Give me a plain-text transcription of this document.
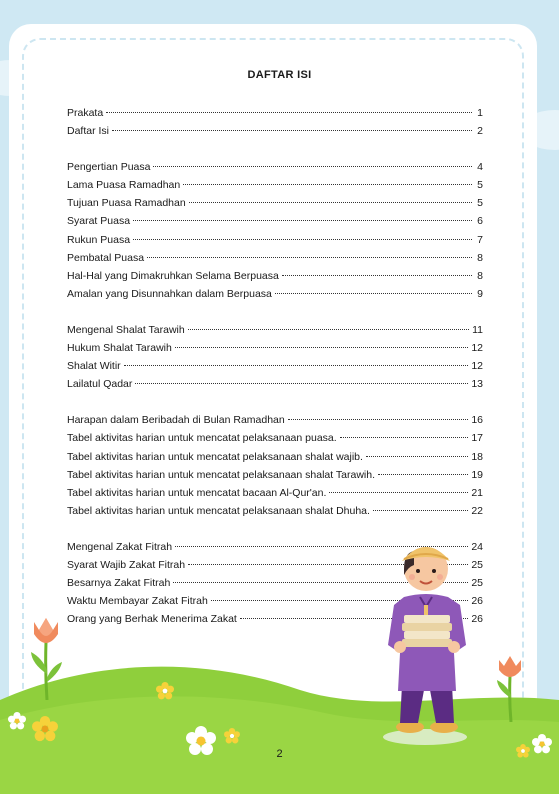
DAFTAR ISI
Prakata	1
Daftar Isi	2
Pengertian Puasa	4
Lama Puasa Ramadhan	5
Tujuan Puasa Ramadhan	5
Syarat Puasa	6
Rukun Puasa	7
Pembatal Puasa	8
Hal-Hal yang Dimakruhkan Selama Berpuasa	8
Amalan yang Disunnahkan dalam Berpuasa	9
Mengenal Shalat Tarawih	11
Hukum Shalat Tarawih	12
Shalat Witir	12
Lailatul Qadar	13
Harapan dalam Beribadah di Bulan Ramadhan	16
Tabel aktivitas harian untuk mencatat pelaksanaan puasa.	17
Tabel aktivitas harian untuk mencatat pelaksanaan shalat wajib.	18
Tabel aktivitas harian untuk mencatat pelaksanaan shalat Tarawih.	19
Tabel aktivitas harian untuk mencatat bacaan Al-Qur'an.	21
Tabel aktivitas harian untuk mencatat pelaksanaan shalat Dhuha.	22
Mengenal Zakat Fitrah	24
Syarat Wajib Zakat Fitrah	25
Besarnya Zakat Fitrah	25
Waktu Membayar Zakat Fitrah	26
Orang yang Berhak Menerima Zakat	26
2
